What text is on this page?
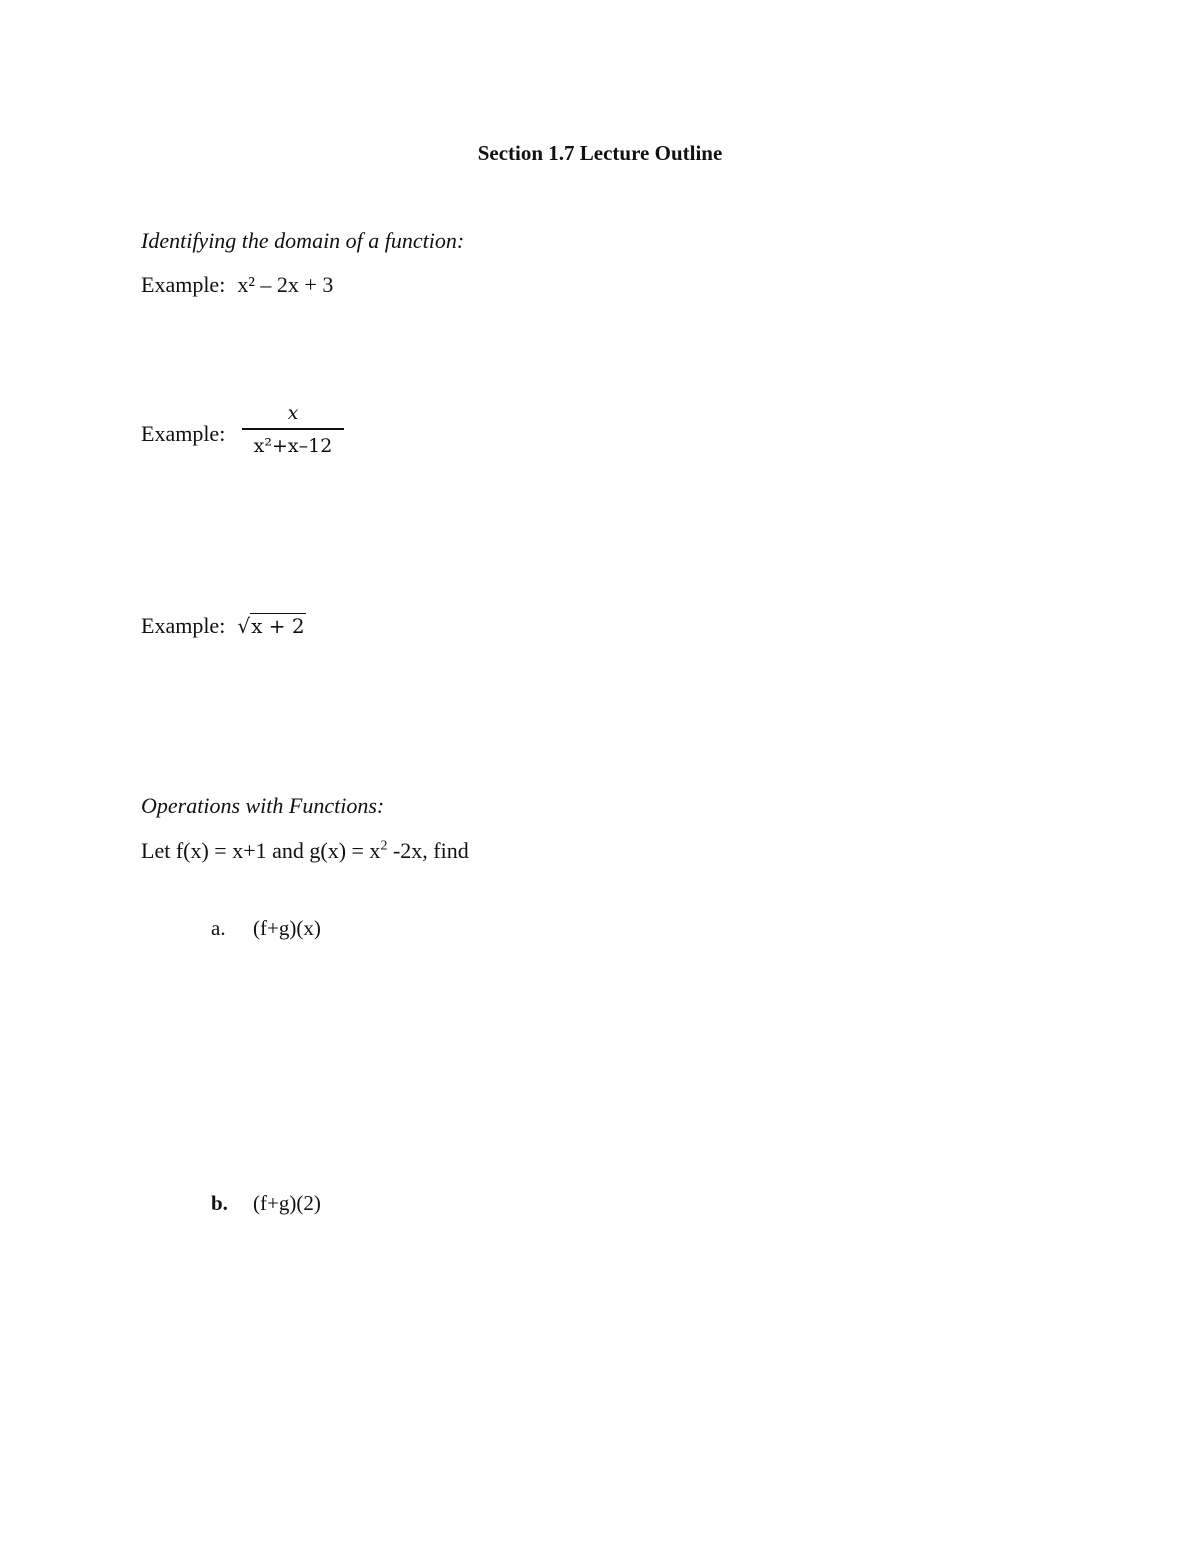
Section 1.7 Lecture Outline
Identifying the domain of a function:
Example: x² – 2x + 3
Example:
x
x²+x–12
Example: √x + 2
Operations with Functions:
Let f(x) = x+1 and $g(x) = x^2$ -2x, find
a. (f+g)(x)
b. (f+g)(2)
